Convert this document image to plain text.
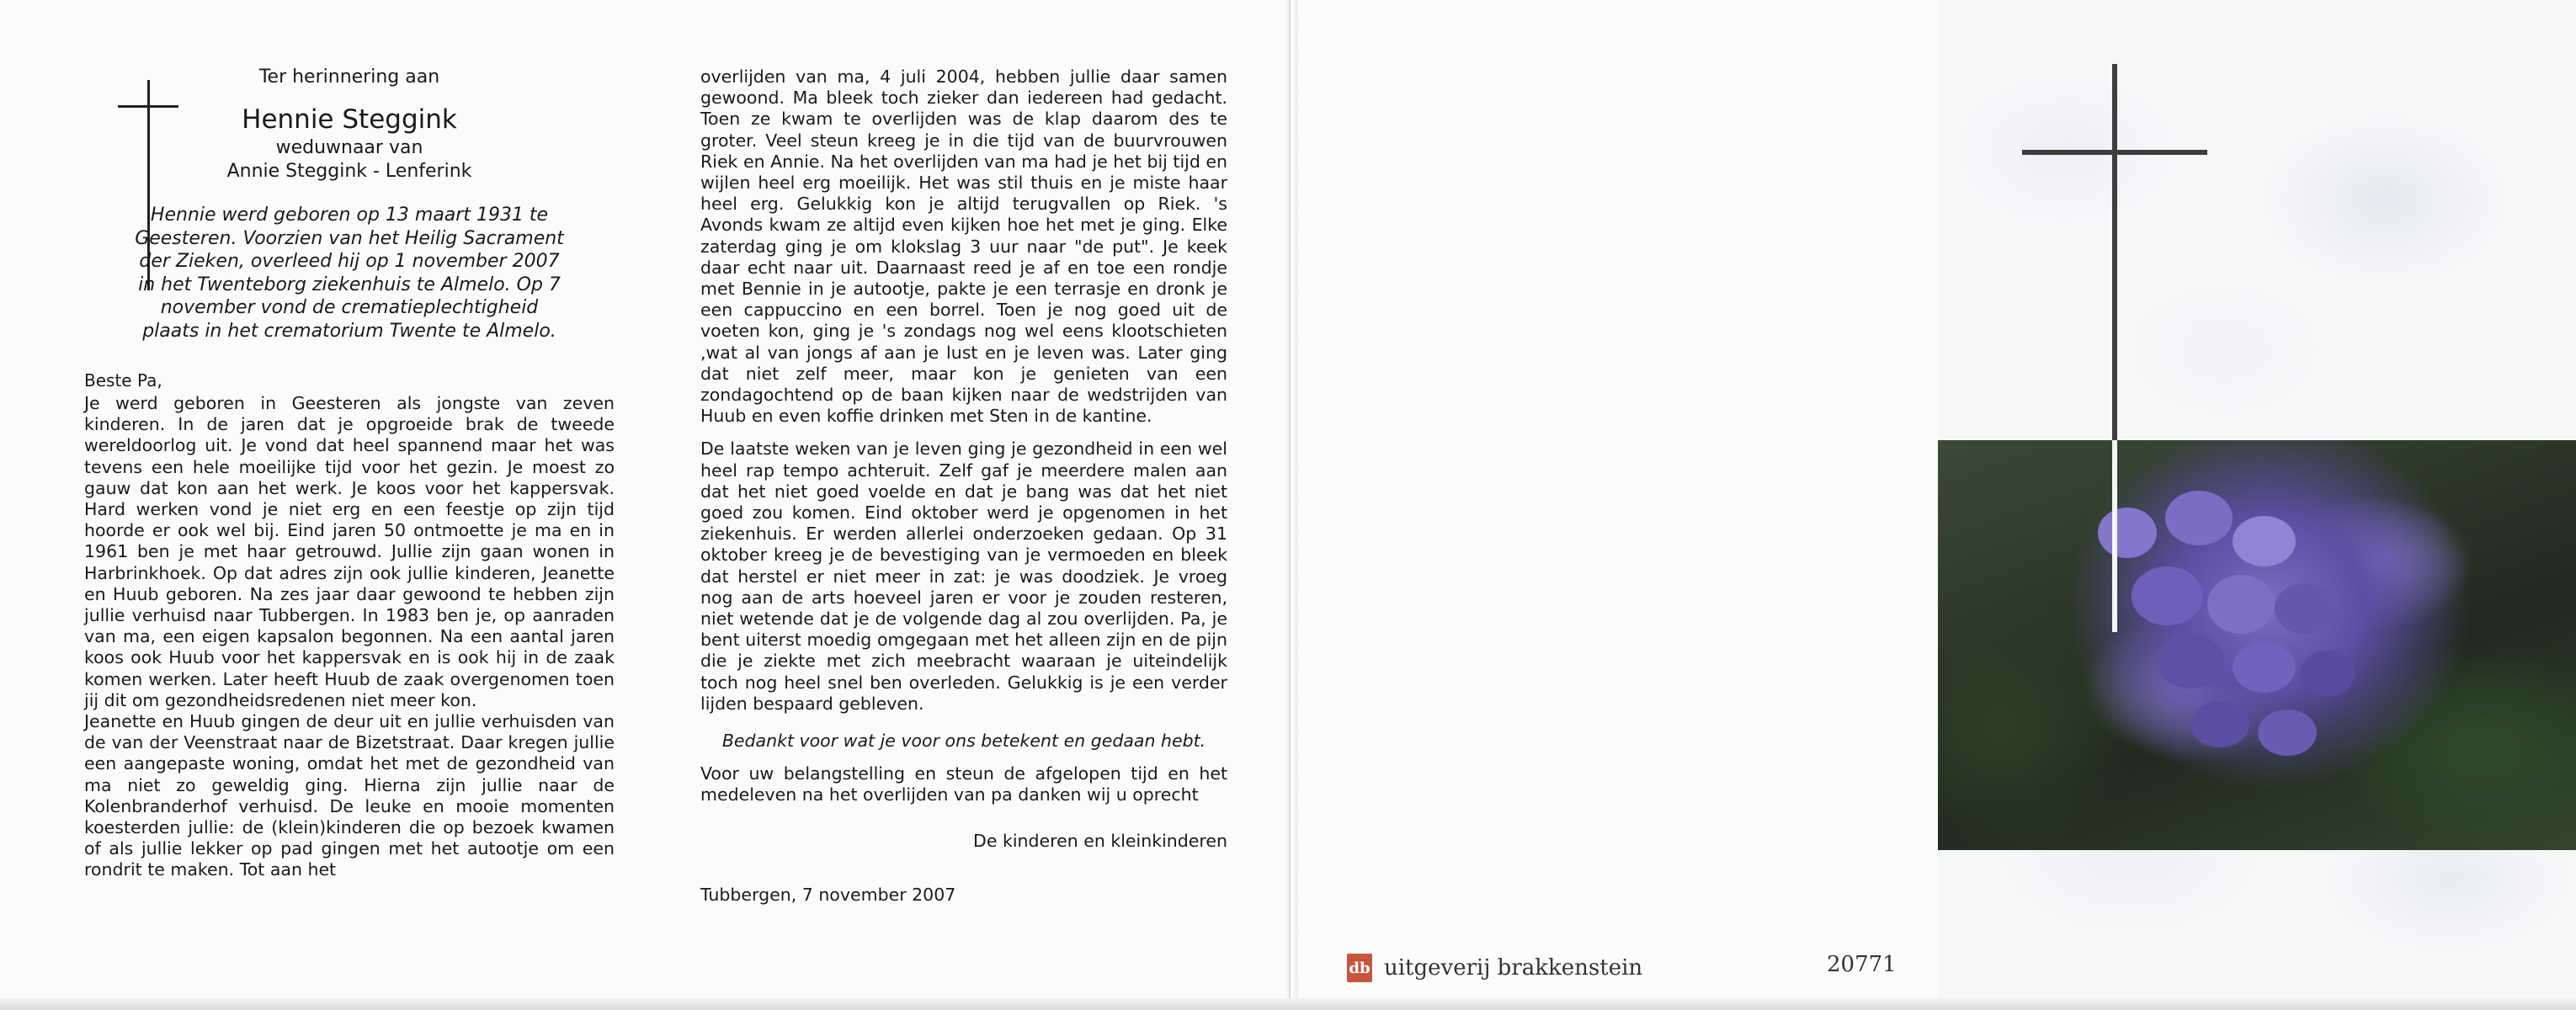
Ter herinnering aan
Hennie Steggink
weduwnaar van
Annie Steggink - Lenferink
Hennie werd geboren op 13 maart 1931 te Geesteren. Voorzien van het Heilig Sacrament der Zieken, overleed hij op 1 november 2007 in het Twenteborg ziekenhuis te Almelo. Op 7 november vond de crematieplechtigheid plaats in het crematorium Twente te Almelo.
Beste Pa,

Je werd geboren in Geesteren als jongste van zeven kinderen. In de jaren dat je opgroeide brak de tweede wereldoorlog uit. Je vond dat heel spannend maar het was tevens een hele moeilijke tijd voor het gezin. Je moest zo gauw dat kon aan het werk. Je koos voor het kappersvak. Hard werken vond je niet erg en een feestje op zijn tijd hoorde er ook wel bij. Eind jaren 50 ontmoette je ma en in 1961 ben je met haar getrouwd. Jullie zijn gaan wonen in Harbrinkhoek. Op dat adres zijn ook jullie kinderen, Jeanette en Huub geboren. Na zes jaar daar gewoond te hebben zijn jullie verhuisd naar Tubbergen. In 1983 ben je, op aanraden van ma, een eigen kapsalon begonnen. Na een aantal jaren koos ook Huub voor het kappersvak en is ook hij in de zaak komen werken. Later heeft Huub de zaak overgenomen toen jij dit om gezondheidsredenen niet meer kon.

Jeanette en Huub gingen de deur uit en jullie verhuisden van de van der Veenstraat naar de Bizetstraat. Daar kregen jullie een aangepaste woning, omdat het met de gezondheid van ma niet zo geweldig ging. Hierna zijn jullie naar de Kolenbranderhof verhuisd. De leuke en mooie momenten koesterden jullie: de (klein)kinderen die op bezoek kwamen of als jullie lekker op pad gingen met het autootje om een rondrit te maken. Tot aan het

overlijden van ma, 4 juli 2004, hebben jullie daar samen gewoond. Ma bleek toch zieker dan iedereen had gedacht. Toen ze kwam te overlijden was de klap daarom des te groter. Veel steun kreeg je in die tijd van de buurvrouwen Riek en Annie. Na het overlijden van ma had je het bij tijd en wijlen heel erg moeilijk. Het was stil thuis en je miste haar heel erg. Gelukkig kon je altijd terugvallen op Riek. 's Avonds kwam ze altijd even kijken hoe het met je ging. Elke zaterdag ging je om klokslag 3 uur naar "de put". Je keek daar echt naar uit. Daarnaast reed je af en toe een rondje met Bennie in je autootje, pakte je een terrasje en dronk je een cappuccino en een borrel. Toen je nog goed uit de voeten kon, ging je 's zondags nog wel eens klootschieten ,wat al van jongs af aan je lust en je leven was. Later ging dat niet zelf meer, maar kon je genieten van een zondagochtend op de baan kijken naar de wedstrijden van Huub en even koffie drinken met Sten in de kantine.

De laatste weken van je leven ging je gezondheid in een wel heel rap tempo achteruit. Zelf gaf je meerdere malen aan dat het niet goed voelde en dat je bang was dat het niet goed zou komen. Eind oktober werd je opgenomen in het ziekenhuis. Er werden allerlei onderzoeken gedaan. Op 31 oktober kreeg je de bevestiging van je vermoeden en bleek dat herstel er niet meer in zat: je was doodziek. Je vroeg nog aan de arts hoeveel jaren er voor je zouden resteren, niet wetende dat je de volgende dag al zou overlijden. Pa, je bent uiterst moedig omgegaan met het alleen zijn en de pijn die je ziekte met zich meebracht waaraan je uiteindelijk toch nog heel snel ben overleden. Gelukkig is je een verder lijden bespaard gebleven.

Bedankt voor wat je voor ons betekent en gedaan hebt.

Voor uw belangstelling en steun de afgelopen tijd en het medeleven na het overlijden van pa danken wij u oprecht

De kinderen en kleinkinderen
Tubbergen, 7 november 2007
db uitgeverij brakkenstein	20771
